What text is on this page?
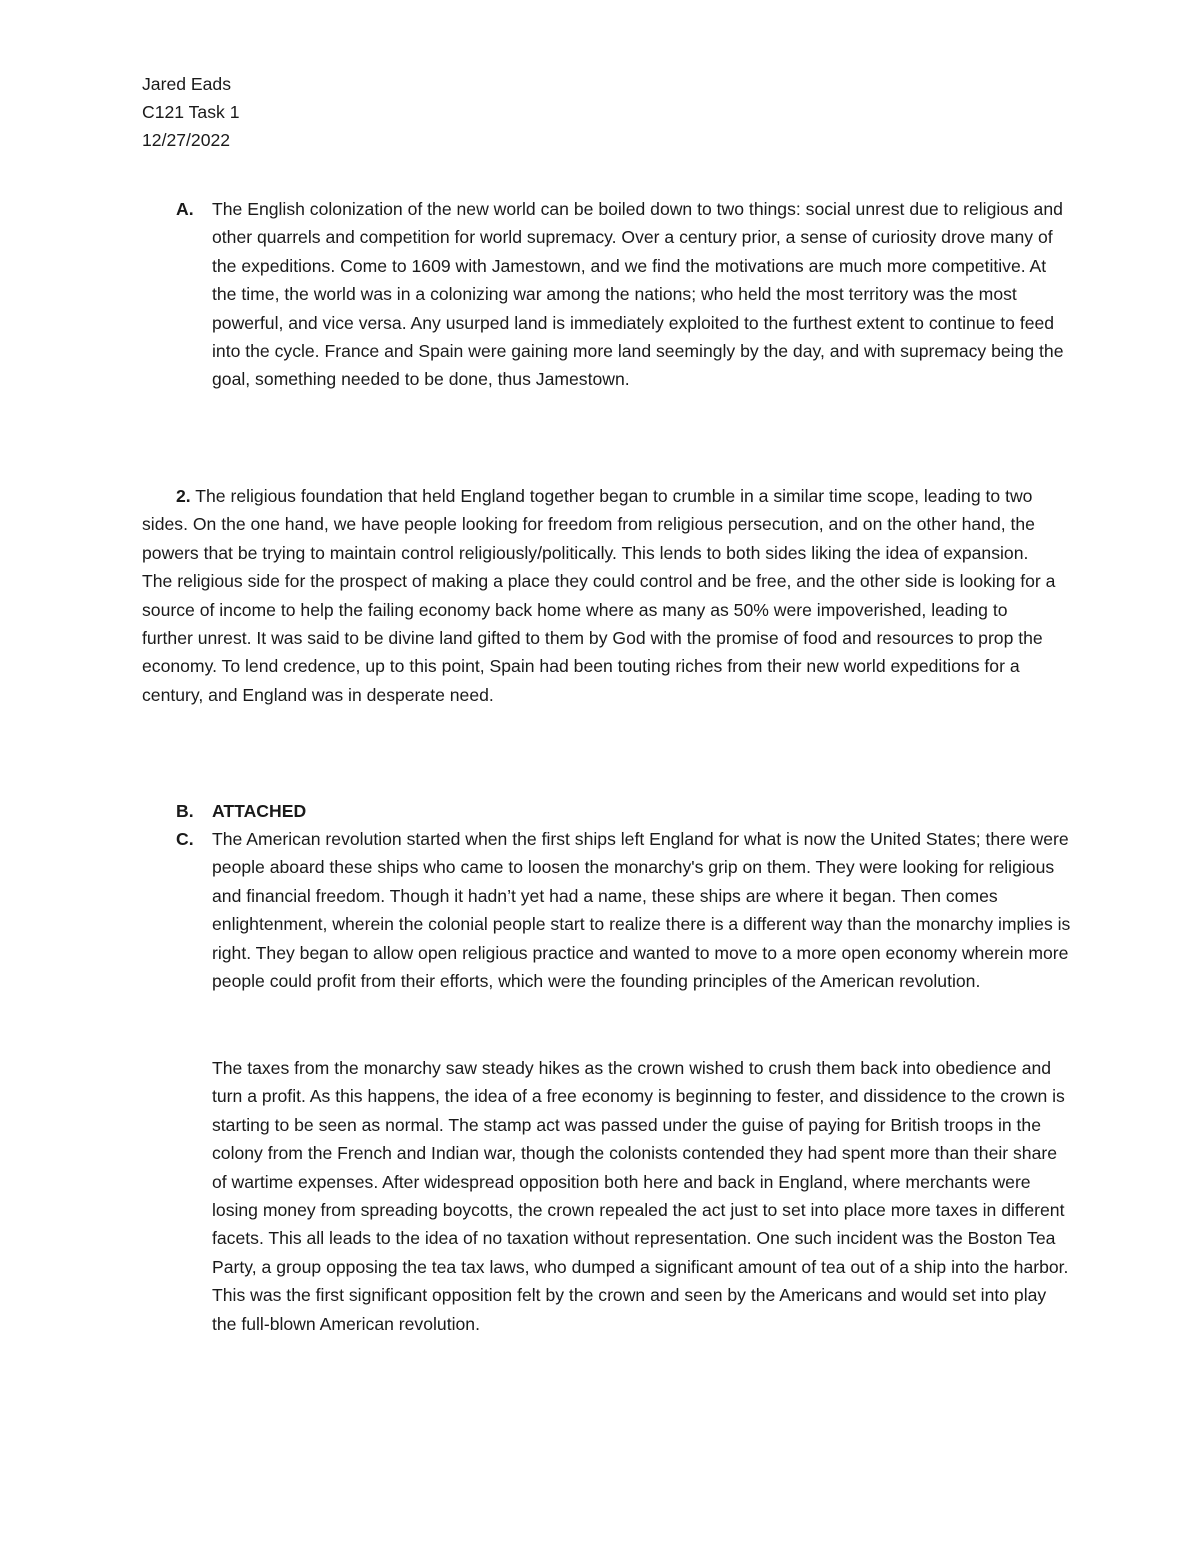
Jared Eads
C121 Task 1
12/27/2022
A. The English colonization of the new world can be boiled down to two things: social unrest due to religious and other quarrels and competition for world supremacy. Over a century prior, a sense of curiosity drove many of the expeditions. Come to 1609 with Jamestown, and we find the motivations are much more competitive. At the time, the world was in a colonizing war among the nations; who held the most territory was the most powerful, and vice versa. Any usurped land is immediately exploited to the furthest extent to continue to feed into the cycle. France and Spain were gaining more land seemingly by the day, and with supremacy being the goal, something needed to be done, thus Jamestown.
2. The religious foundation that held England together began to crumble in a similar time scope, leading to two sides. On the one hand, we have people looking for freedom from religious persecution, and on the other hand, the powers that be trying to maintain control religiously/politically. This lends to both sides liking the idea of expansion. The religious side for the prospect of making a place they could control and be free, and the other side is looking for a source of income to help the failing economy back home where as many as 50% were impoverished, leading to further unrest. It was said to be divine land gifted to them by God with the promise of food and resources to prop the economy. To lend credence, up to this point, Spain had been touting riches from their new world expeditions for a century, and England was in desperate need.
B. ATTACHED
C. The American revolution started when the first ships left England for what is now the United States; there were people aboard these ships who came to loosen the monarchy's grip on them. They were looking for religious and financial freedom. Though it hadn’t yet had a name, these ships are where it began. Then comes enlightenment, wherein the colonial people start to realize there is a different way than the monarchy implies is right. They began to allow open religious practice and wanted to move to a more open economy wherein more people could profit from their efforts, which were the founding principles of the American revolution.
The taxes from the monarchy saw steady hikes as the crown wished to crush them back into obedience and turn a profit. As this happens, the idea of a free economy is beginning to fester, and dissidence to the crown is starting to be seen as normal. The stamp act was passed under the guise of paying for British troops in the colony from the French and Indian war, though the colonists contended they had spent more than their share of wartime expenses. After widespread opposition both here and back in England, where merchants were losing money from spreading boycotts, the crown repealed the act just to set into place more taxes in different facets. This all leads to the idea of no taxation without representation. One such incident was the Boston Tea Party, a group opposing the tea tax laws, who dumped a significant amount of tea out of a ship into the harbor. This was the first significant opposition felt by the crown and seen by the Americans and would set into play the full-blown American revolution.
